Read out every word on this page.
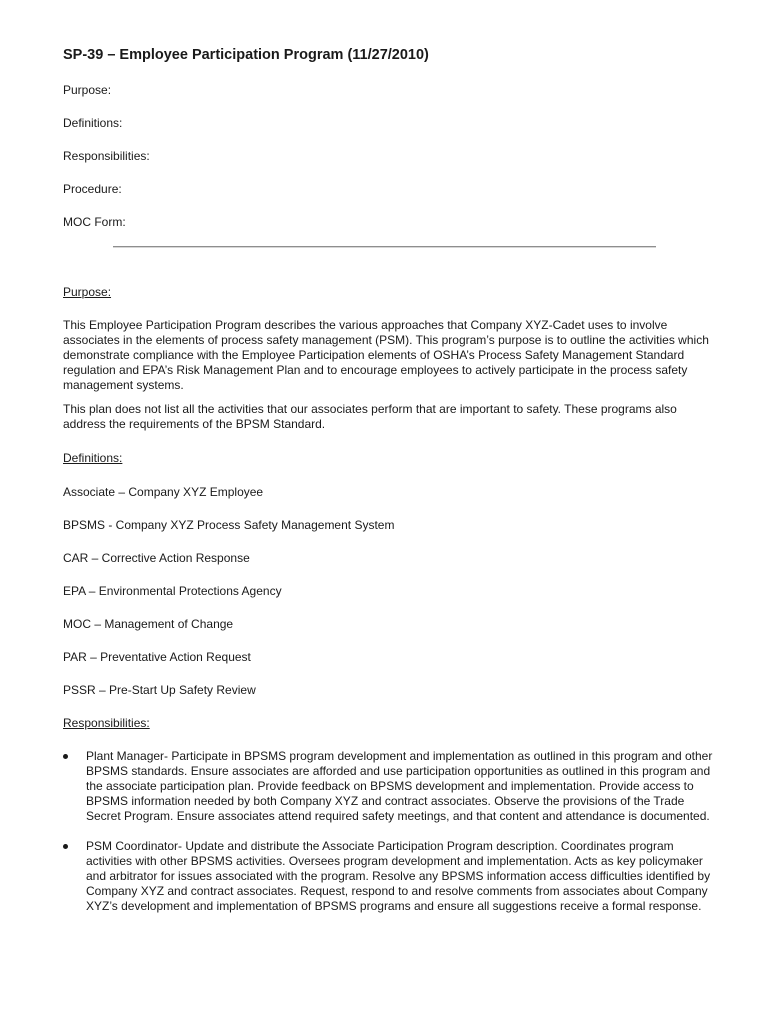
SP-39 – Employee Participation Program (11/27/2010)
Purpose:
Definitions:
Responsibilities:
Procedure:
MOC Form:

Purpose:

This Employee Participation Program describes the various approaches that Company XYZ-Cadet uses to involve associates in the elements of process safety management (PSM). This program’s purpose is to outline the activities which demonstrate compliance with the Employee Participation elements of OSHA’s Process Safety Management Standard regulation and EPA’s Risk Management Plan and to encourage employees to actively participate in the process safety management systems.

This plan does not list all the activities that our associates perform that are important to safety. These programs also address the requirements of the BPSM Standard.

Definitions:

Associate – Company XYZ Employee

BPSMS - Company XYZ Process Safety Management System

CAR – Corrective Action Response

EPA – Environmental Protections Agency

MOC – Management of Change

PAR – Preventative Action Request

PSSR – Pre-Start Up Safety Review

Responsibilities:

Plant Manager- Participate in BPSMS program development and implementation as outlined in this program and other BPSMS standards. Ensure associates are afforded and use participation opportunities as outlined in this program and the associate participation plan. Provide feedback on BPSMS development and implementation. Provide access to BPSMS information needed by both Company XYZ and contract associates. Observe the provisions of the Trade Secret Program. Ensure associates attend required safety meetings, and that content and attendance is documented.
PSM Coordinator- Update and distribute the Associate Participation Program description. Coordinates program activities with other BPSMS activities. Oversees program development and implementation. Acts as key policymaker and arbitrator for issues associated with the program. Resolve any BPSMS information access difficulties identified by Company XYZ and contract associates. Request, respond to and resolve comments from associates about Company XYZ’s development and implementation of BPSMS programs and ensure all suggestions receive a formal response.
